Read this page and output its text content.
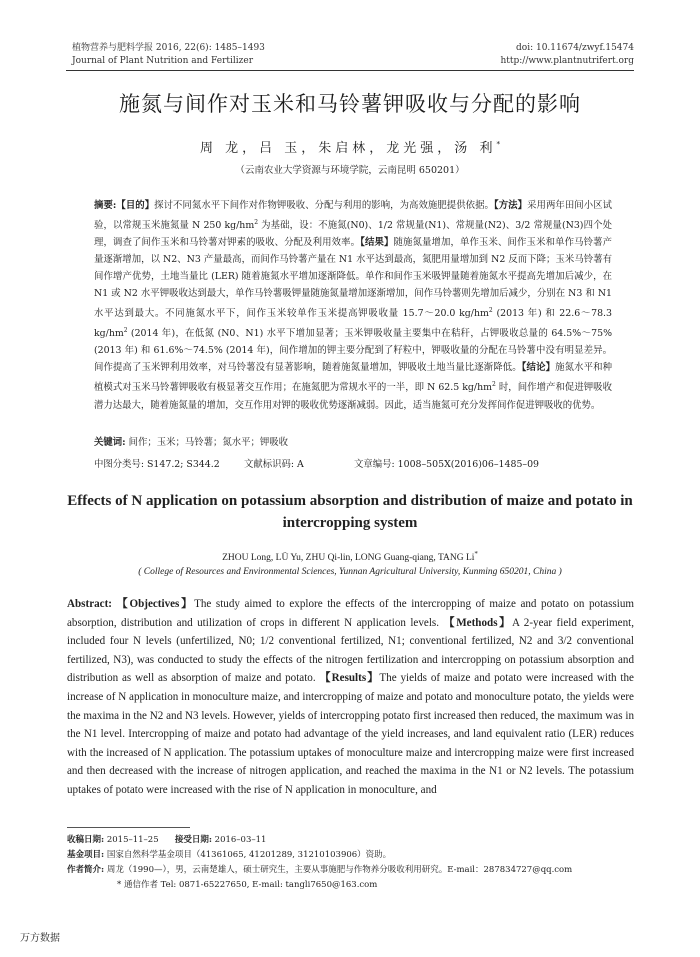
植物营养与肥料学报 2016, 22(6): 1485–1493	doi: 10.11674/zwyf.15474
Journal of Plant Nutrition and Fertilizer	http://www.plantnutrifert.org
施氮与间作对玉米和马铃薯钾吸收与分配的影响
周 龙，吕 玉，朱启林，龙光强，汤 利*
（云南农业大学资源与环境学院，云南昆明 650201）
摘要:【目的】探讨不同氮水平下间作对作物钾吸收、分配与利用的影响，为高效施肥提供依据。【方法】采用两年田间小区试验，以常规玉米施氮量 N 250 $kg/hm^2$ 为基础，设：不施氮(N0)、1/2 常规量(N1)、常规量(N2)、3/2 常规量(N3)四个处理，调查了间作玉米和马铃薯对钾素的吸收、分配及利用效率。【结果】随施氮量增加，单作玉米、间作玉米和单作马铃薯产量逐渐增加，以 N2、N3 产量最高，而间作马铃薯产量在 N1 水平达到最高，氮肥用量增加到 N2 反而下降；玉米马铃薯有间作增产优势，土地当量比 (LER) 随着施氮水平增加逐渐降低。单作和间作玉米吸钾量随着施氮水平提高先增加后减少，在 N1 或 N2 水平钾吸收达到最大，单作马铃薯吸钾量随施氮量增加逐渐增加，间作马铃薯则先增加后减少，分别在 N3 和 N1 水平达到最大。不同施氮水平下，间作玉米较单作玉米提高钾吸收量 15.7～20.0 $kg/hm^2$ (2013 年) 和 22.6～78.3 $kg/hm^2$ (2014 年)，在低氮 (N0、N1) 水平下增加显著；玉米钾吸收量主要集中在秸秆，占钾吸收总量的 64.5%～75% (2013 年) 和 61.6%～74.5% (2014 年)，间作增加的钾主要分配到了籽粒中，钾吸收量的分配在马铃薯中没有明显差异。间作提高了玉米钾利用效率，对马铃薯没有显著影响，随着施氮量增加，钾吸收土地当量比逐渐降低。【结论】施氮水平和种植模式对玉米马铃薯钾吸收有极显著交互作用；在施氮肥为常规水平的一半，即 N 62.5 $kg/hm^2$ 时，间作增产和促进钾吸收潜力达最大，随着施氮量的增加，交互作用对钾的吸收优势逐渐减弱。因此，适当施氮可充分发挥间作促进钾吸收的优势。
关键词: 间作；玉米；马铃薯；氮水平；钾吸收
中图分类号: S147.2; S344.2	文献标识码: A	文章编号: 1008–505X(2016)06–1485–09
Effects of N application on potassium absorption and distribution of maize and potato in intercropping system
ZHOU Long, LÜ Yu, ZHU Qi-lin, LONG Guang-qiang, TANG Li*
( College of Resources and Environmental Sciences, Yunnan Agricultural University, Kunming 650201, China )
Abstract: 【Objectives】The study aimed to explore the effects of the intercropping of maize and potato on potassium absorption, distribution and utilization of crops in different N application levels. 【Methods】A 2-year field experiment, included four N levels (unfertilized, N0; 1/2 conventional fertilized, N1; conventional fertilized, N2 and 3/2 conventional fertilized, N3), was conducted to study the effects of the nitrogen fertilization and intercropping on potassium absorption and distribution as well as absorption of maize and potato. 【Results】The yields of maize and potato were increased with the increase of N application in monoculture maize, and intercropping of maize and potato and monoculture potato, the yields were the maxima in the N2 and N3 levels. However, yields of intercropping potato first increased then reduced, the maximum was in the N1 level. Intercropping of maize and potato had advantage of the yield increases, and land equivalent ratio (LER) reduces with the increased of N application. The potassium uptakes of monoculture maize and intercropping maize were first increased and then decreased with the increase of nitrogen application, and reached the maxima in the N1 or N2 levels. The potassium uptakes of potato were increased with the rise of N application in monoculture, and
收稿日期: 2015–11–25 接受日期: 2016–03–11
基金项目: 国家自然科学基金项目（41361065, 41201289, 31210103906）资助。
作者简介: 周龙（1990—），男，云南楚雄人，硕士研究生，主要从事施肥与作物养分吸收利用研究。E-mail：287834727@qq.com
* 通信作者 Tel: 0871-65227650, E-mail: tangli7650@163.com
万方数据
